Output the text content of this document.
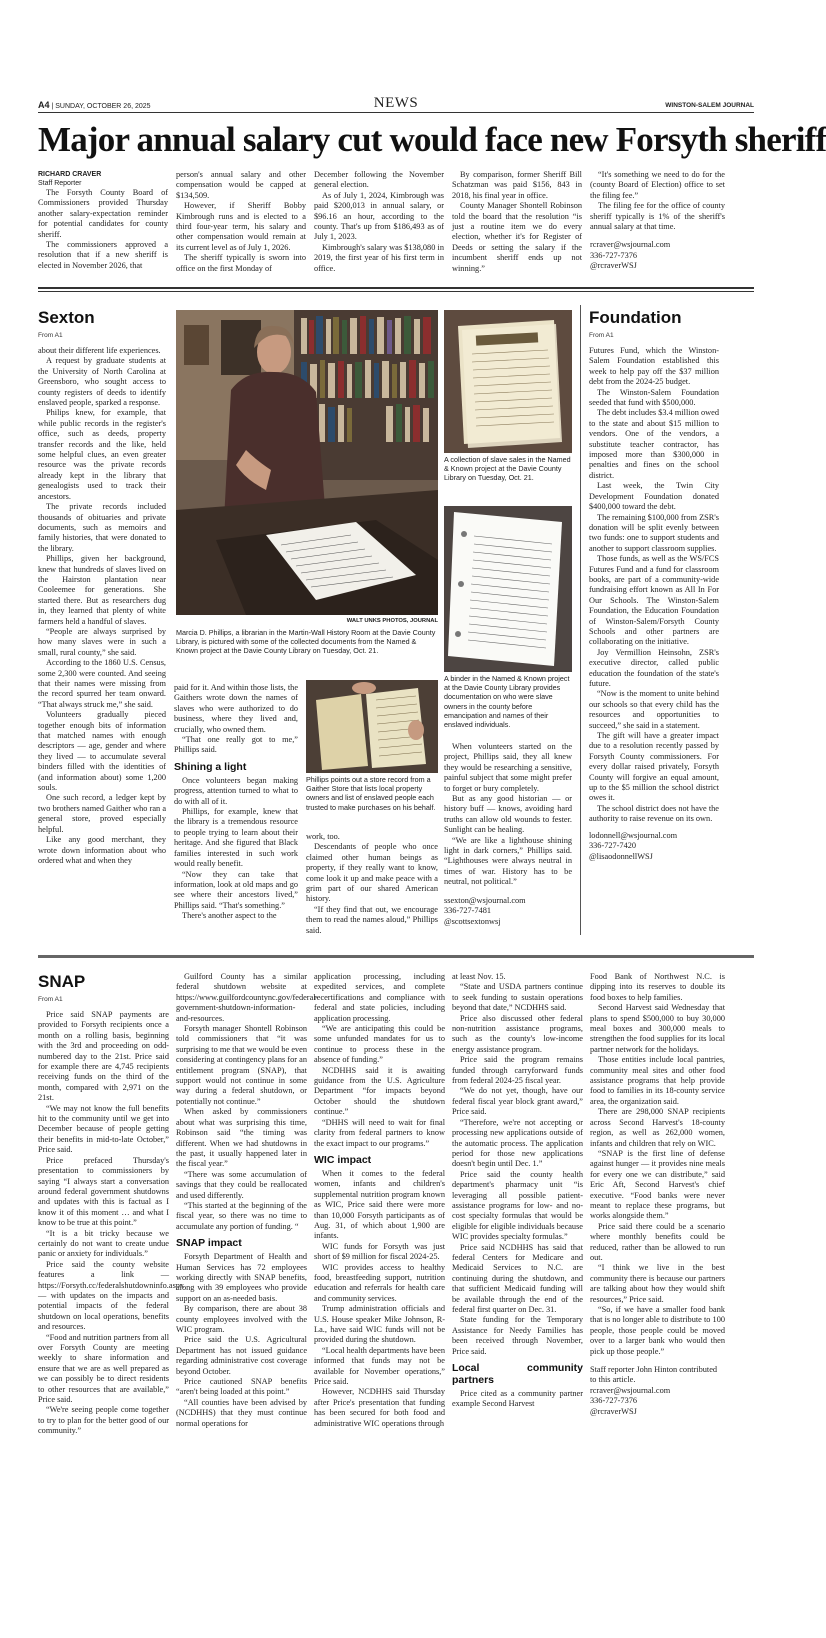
A4 | SUNDAY, OCTOBER 26, 2025	NEWS	WINSTON-SALEM JOURNAL
Major annual salary cut would face new Forsyth sheriff
RICHARD CRAVER
Staff Reporter

The Forsyth County Board of Commissioners provided Thursday another salary-expectation reminder for potential candidates for county sheriff.

The commissioners approved a resolution that if a new sheriff is elected in November 2026, that

person's annual salary and other compensation would be capped at $134,509.

However, if Sheriff Bobby Kimbrough runs and is elected to a third four-year term, his salary and other compensation would remain at its current level as of July 1, 2026.

The sheriff typically is sworn into office on the first Monday of

December following the November general election.

As of July 1, 2024, Kimbrough was paid $200,013 in annual salary, or $96.16 an hour, according to the county. That's up from $186,493 as of July 1, 2023.

Kimbrough's salary was $138,080 in 2019, the first year of his first term in office.

By comparison, former Sheriff Bill Schatzman was paid $156, 843 in 2018, his final year in office.

County Manager Shontell Robinson told the board that the resolution “is just a routine item we do every election, whether it's for Register of Deeds or setting the salary if the incumbent sheriff ends up not winning.”

“It's something we need to do for the (county Board of Election) office to set the filing fee.”

The filing fee for the office of county sheriff typically is 1% of the sheriff's annual salary at that time.

rcraver@wsjournal.com
336-727-7376
@rcraverWSJ
Sexton
From A1

about their different life experiences.

A request by graduate students at the University of North Carolina at Greensboro, who sought access to county registers of deeds to identify enslaved people, sparked a response.

Philips knew, for example, that while public records in the register's office, such as deeds, property transfer records and the like, held some helpful clues, an even greater resource was the private records already kept in the library that genealogists used to track their ancestors.

The private records included thousands of obituaries and private documents, such as memoirs and family histories, that were donated to the library.

Phillips, given her background, knew that hundreds of slaves lived on the Hairston plantation near Cooleemee for generations. She started there. But as researchers dug in, they learned that plenty of white farmers held a handful of slaves.

“People are always surprised by how many slaves were in such a small, rural county,” she said.

According to the 1860 U.S. Census, some 2,300 were counted. And seeing that their names were missing from the record spurred her team onward. “That always struck me,” she said.

Volunteers gradually pieced together enough bits of information that matched names with enough descriptors — age, gender and where they lived — to accumulate several binders filled with the identities of (and information about) some 1,200 souls.

One such record, a ledger kept by two brothers named Gaither who ran a general store, proved especially helpful.

Like any good merchant, they wrote down information about who ordered what and when they

WALT UNKS PHOTOS, JOURNAL
Marcia D. Phillips, a librarian in the Martin-Wall History Room at the Davie County Library, is pictured with some of the collected documents from the Named & Known project at the Davie County Library on Tuesday, Oct. 21.
A collection of slave sales in the Named & Known project at the Davie County Library on Tuesday, Oct. 21.
A binder in the Named & Known project at the Davie County Library provides documentation on who were slave owners in the county before emancipation and names of their enslaved individuals.

paid for it. And within those lists, the Gaithers wrote down the names of slaves who were authorized to do business, where they lived and, crucially, who owned them.

“That one really got to me,” Phillips said.

Shining a light

Once volunteers began making progress, attention turned to what to do with all of it.

Phillips, for example, knew that the library is a tremendous resource to people trying to learn about their heritage. And she figured that Black families interested in such work would really benefit.

“Now they can take that information, look at old maps and go see where their ancestors lived,” Phillips said. “That's something.”

There's another aspect to the

Phillips points out a store record from a Gaither Store that lists local property owners and list of enslaved people each trusted to make purchases on his behalf.

work, too.

Descendants of people who once claimed other human beings as property, if they really want to know, come look it up and make peace with a grim part of our shared American history.

“If they find that out, we encourage them to read the names aloud,” Phillips said.

When volunteers started on the project, Phillips said, they all knew they would be researching a sensitive, painful subject that some might prefer to forget or bury completely.

But as any good historian — or history buff — knows, avoiding hard truths can allow old wounds to fester. Sunlight can be healing.

“We are like a lighthouse shining light in dark corners,” Phillips said. “Lighthouses were always neutral in times of war. History has to be neutral, not political.”

ssexton@wsjournal.com
336-727-7481
@scottsextonwsj
Foundation
From A1

Futures Fund, which the Winston-Salem Foundation established this week to help pay off the $37 million debt from the 2024-25 budget.

The Winston-Salem Foundation seeded that fund with $500,000.

The debt includes $3.4 million owed to the state and about $15 million to vendors. One of the vendors, a substitute teacher contractor, has imposed more than $300,000 in penalties and fines on the school district.

Last week, the Twin City Development Foundation donated $400,000 toward the debt.

The remaining $100,000 from ZSR's donation will be split evenly between two funds: one to support students and another to support classroom supplies.

Those funds, as well as the WS/FCS Futures Fund and a fund for classroom books, are part of a community-wide fundraising effort known as All In For Our Schools. The Winston-Salem Foundation, the Education Foundation of Winston-Salem/Forsyth County Schools and other partners are collaborating on the initiative.

Joy Vermillion Heinsohn, ZSR's executive director, called public education the foundation of the state's future.

“Now is the moment to unite behind our schools so that every child has the resources and opportunities to succeed,” she said in a statement.

The gift will have a greater impact due to a resolution recently passed by Forsyth County commissioners. For every dollar raised privately, Forsyth County will forgive an equal amount, up to the $5 million the school district owes it.

The school district does not have the authority to raise revenue on its own.

lodonnell@wsjournal.com
336-727-7420
@lisaodonnellWSJ
SNAP
From A1

Price said SNAP payments are provided to Forsyth recipients once a month on a rolling basis, beginning with the 3rd and proceeding on odd-numbered day to the 21st. Price said for example there are 4,745 recipients receiving funds on the third of the month, compared with 2,971 on the 21st.

“We may not know the full benefits hit to the community until we get into December because of people getting their benefits in mid-to-late October,” Price said.

Price prefaced Thursday's presentation to commissioners by saying “I always start a conversation around federal government shutdowns and updates with this is factual as I know it of this moment … and what I know to be true at this point.”

“It is a bit tricky because we certainly do not want to create undue panic or anxiety for individuals.”

Price said the county website features a link — https://Forsyth.cc/federalshutdowninfo.aspx — with updates on the impacts and potential impacts of the federal shutdown on local operations, benefits and resources.

“Food and nutrition partners from all over Forsyth County are meeting weekly to share information and ensure that we are as well prepared as we can possibly be to direct residents to other resources that are available,” Price said.

“We're seeing people come together to try to plan for the better good of our community.”

Guilford County has a similar federal shutdown website at https://www.guilfordcountync.gov/federal-government-shutdown-information-and-resources.

Forsyth manager Shontell Robinson told commissioners that “it was surprising to me that we would be even considering at contingency plans for an entitlement program (SNAP), that support would not continue in some way during a federal shutdown, or potentially not continue.”

When asked by commissioners about what was surprising this time, Robinson said “the timing was different. When we had shutdowns in the past, it usually happened later in the fiscal year.”

“There was some accumulation of savings that they could be reallocated and used differently.

“This started at the beginning of the fiscal year, so there was no time to accumulate any portion of funding. “

SNAP impact

Forsyth Department of Health and Human Services has 72 employees working directly with SNAP benefits, along with 39 employees who provide support on an as-needed basis.

By comparison, there are about 38 county employees involved with the WIC program.

Price said the U.S. Agricultural Department has not issued guidance regarding administrative cost coverage beyond October.

Price cautioned SNAP benefits “aren't being loaded at this point.”

“All counties have been advised by (NCDHHS) that they must continue normal operations for

application processing, including expedited services, and complete recertifications and compliance with federal and state policies, including application processing.

“We are anticipating this could be some unfunded mandates for us to continue to process these in the absence of funding.”

NCDHHS said it is awaiting guidance from the U.S. Agriculture Department “for impacts beyond October should the shutdown continue.”

“DHHS will need to wait for final clarity from federal partners to know the exact impact to our programs.”

WIC impact

When it comes to the federal women, infants and children's supplemental nutrition program known as WIC, Price said there were more than 10,000 Forsyth participants as of Aug. 31, of which about 1,900 are infants.

WIC funds for Forsyth was just short of $9 million for fiscal 2024-25.

WIC provides access to healthy food, breastfeeding support, nutrition education and referrals for health care and community services.

Trump administration officials and U.S. House speaker Mike Johnson, R-La., have said WIC funds will not be provided during the shutdown.

“Local health departments have been informed that funds may not be available for November operations,” Price said.

However, NCDHHS said Thursday after Price's presentation that funding has been secured for both food and administrative WIC operations through

at least Nov. 15.

“State and USDA partners continue to seek funding to sustain operations beyond that date,” NCDHHS said.

Price also discussed other federal non-nutrition assistance programs, such as the county's low-income energy assistance program.

Price said the program remains funded through carryforward funds from federal 2024-25 fiscal year.

“We do not yet, though, have our federal fiscal year block grant award,” Price said.

“Therefore, we're not accepting or processing new applications outside of the automatic process. The application period for those new applications doesn't begin until Dec. 1.”

Price said the county health department's pharmacy unit “is leveraging all possible patient-assistance programs for low- and no-cost specialty formulas that would be eligible for eligible individuals because WIC provides specialty formulas.”

Price said NCDHHS has said that federal Centers for Medicare and Medicaid Services to N.C. are continuing during the shutdown, and that sufficient Medicaid funding will be available through the end of the federal first quarter on Dec. 31.

State funding for the Temporary Assistance for Needy Families has been received through November, Price said.

Local community partners

Price cited as a community partner example Second Harvest

Food Bank of Northwest N.C. is dipping into its reserves to double its food boxes to help families.

Second Harvest said Wednesday that plans to spend $500,000 to buy 30,000 meal boxes and 300,000 meals to strengthen the food supplies for its local partner network for the holidays.

Those entities include local pantries, community meal sites and other food assistance programs that help provide food to families in its 18-county service area, the organization said.

There are 298,000 SNAP recipients across Second Harvest's 18-county region, as well as 262,000 women, infants and children that rely on WIC.

“SNAP is the first line of defense against hunger — it provides nine meals for every one we can distribute,” said Eric Aft, Second Harvest's chief executive. “Food banks were never meant to replace these programs, but works alongside them.”

Price said there could be a scenario where monthly benefits could be reduced, rather than be allowed to run out.

“I think we live in the best community there is because our partners are talking about how they would shift resources,” Price said.

“So, if we have a smaller food bank that is no longer able to distribute to 100 people, those people could be moved over to a larger bank who would then pick up those people.”

Staff reporter John Hinton contributed to this article.
rcraver@wsjournal.com
336-727-7376
@rcraverWSJ
